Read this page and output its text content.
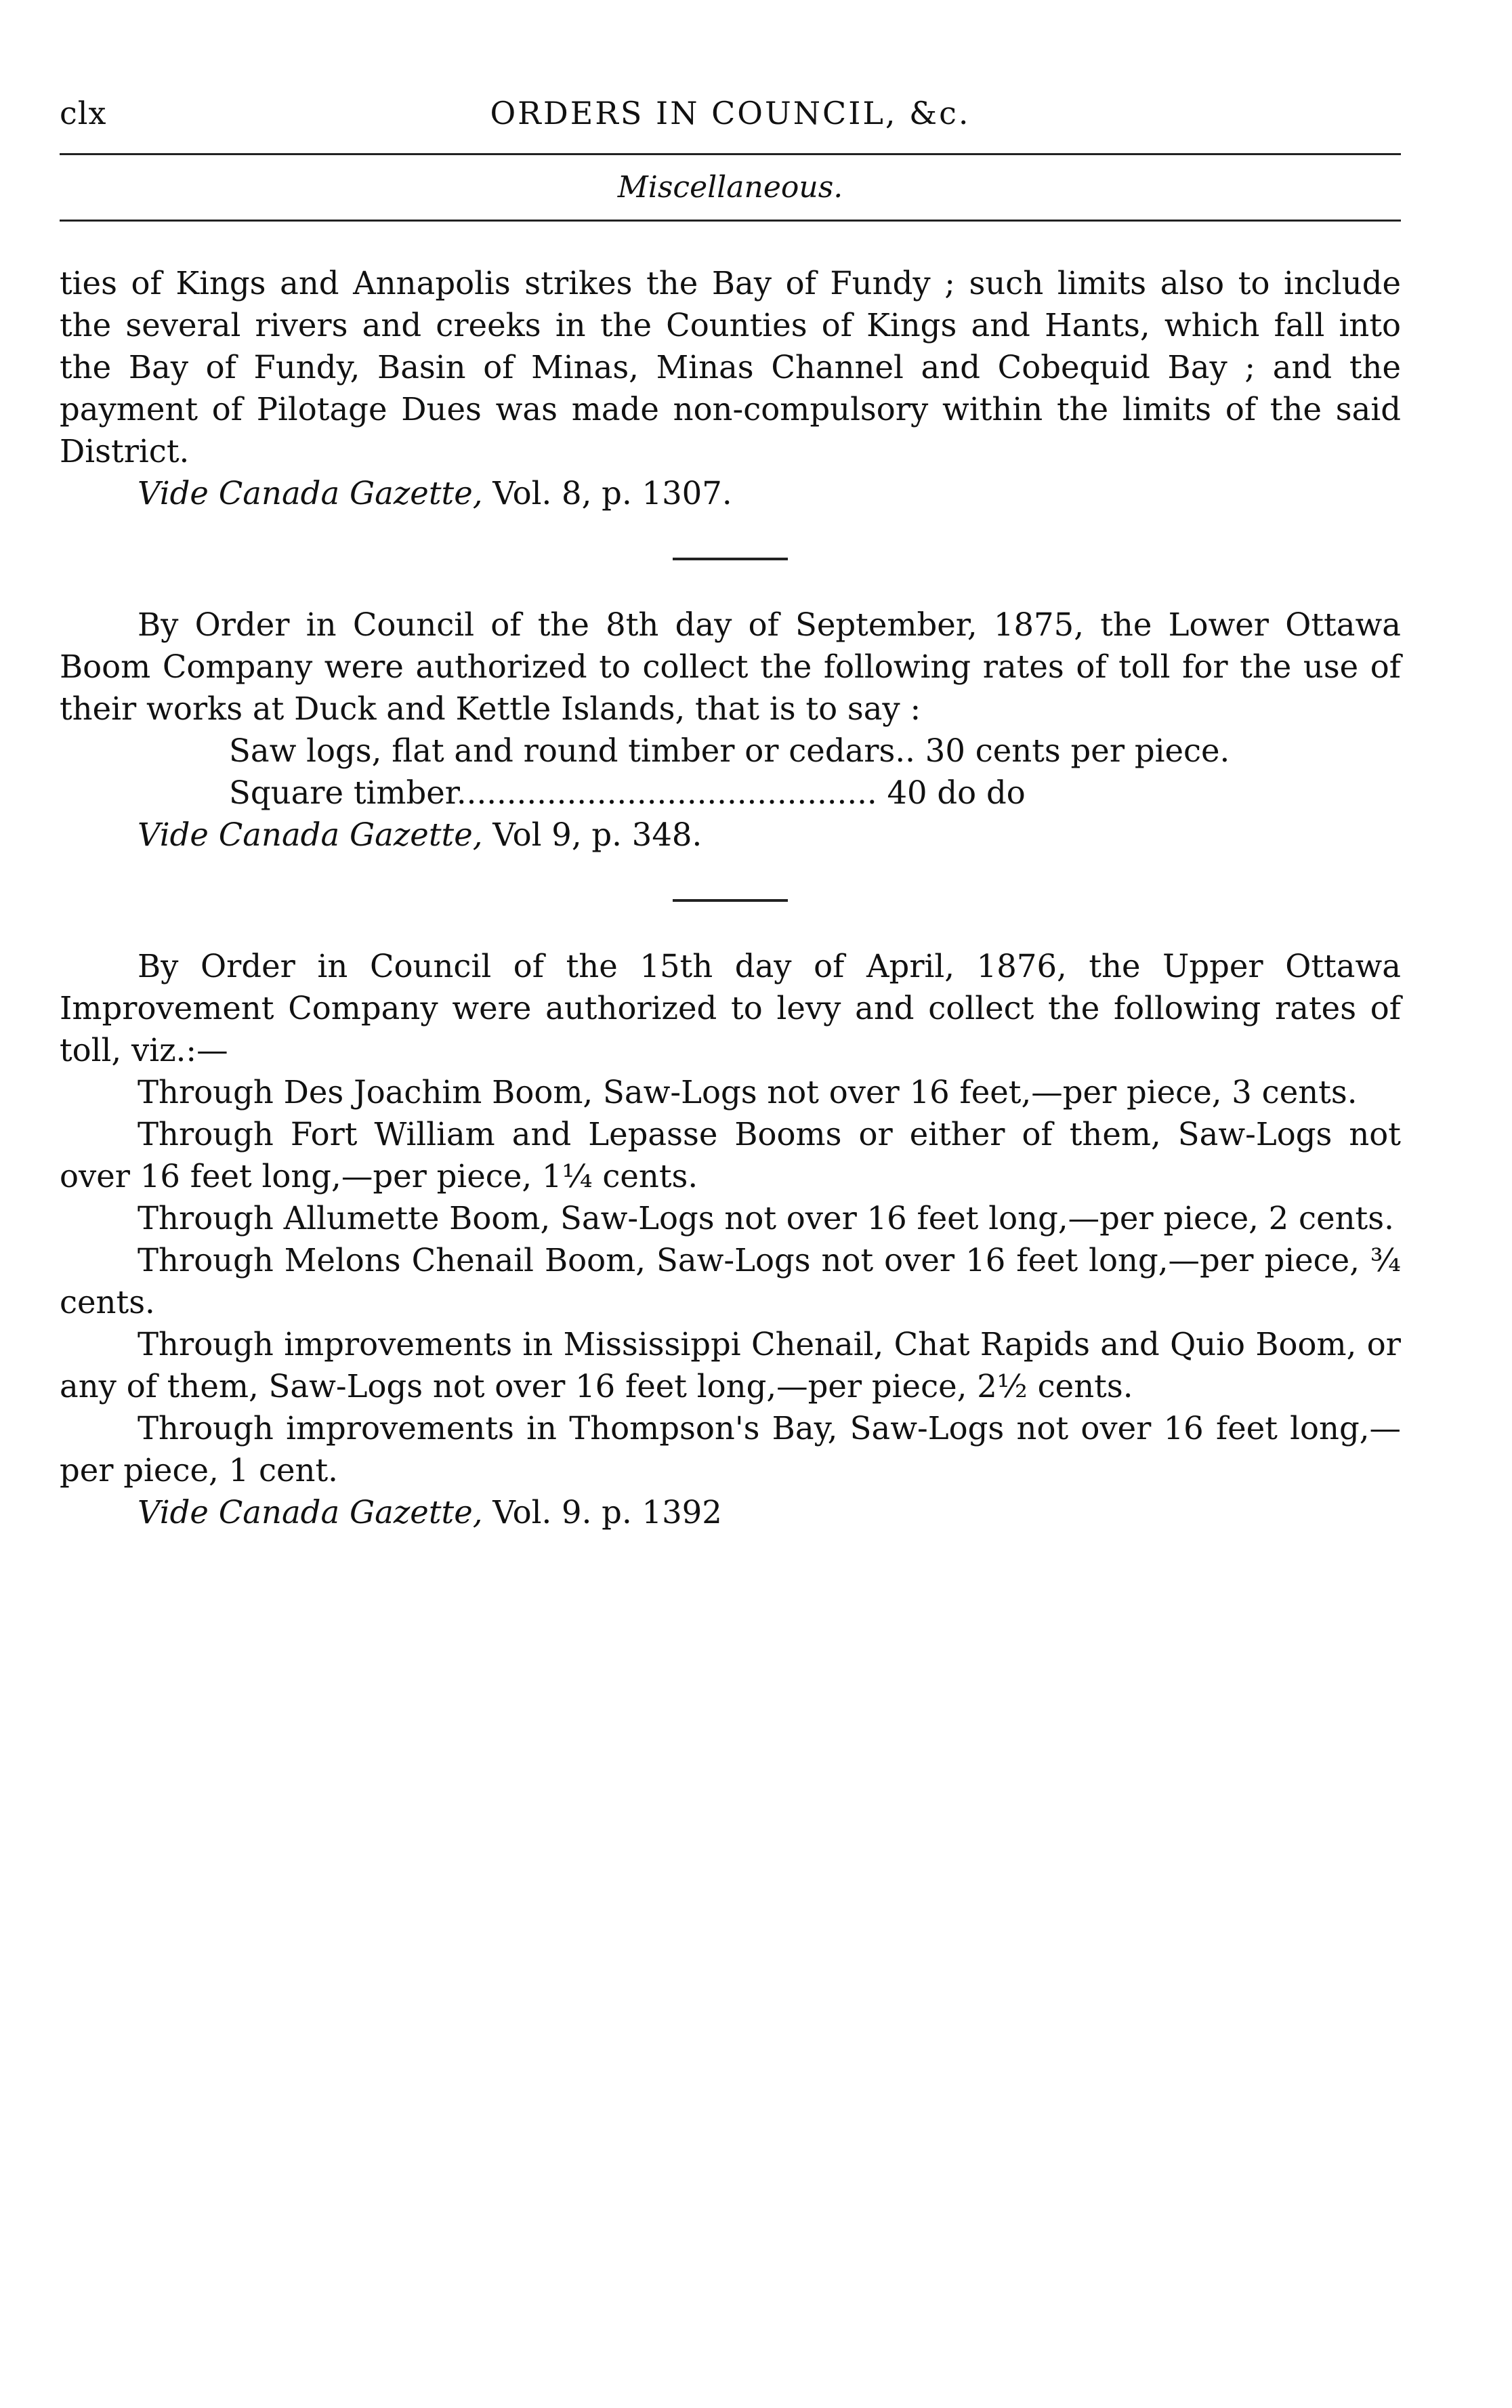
clx	ORDERS IN COUNCIL, &c.
Miscellaneous.

ties of Kings and Annapolis strikes the Bay of Fundy ; such limits also to include the several rivers and creeks in the Counties of Kings and Hants, which fall into the Bay of Fundy, Basin of Minas, Minas Channel and Cobequid Bay ; and the payment of Pilotage Dues was made non-compulsory within the limits of the said District.

Vide Canada Gazette, Vol. 8, p. 1307.

By Order in Council of the 8th day of September, 1875, the Lower Ottawa Boom Company were authorized to collect the following rates of toll for the use of their works at Duck and Kettle Islands, that is to say :

Saw logs, flat and round timber or cedars.. 30 cents per piece.
Square timber.......................................... 40 do do
Vide Canada Gazette, Vol 9, p. 348.

By Order in Council of the 15th day of April, 1876, the Upper Ottawa Improvement Company were authorized to levy and collect the following rates of toll, viz.:—

Through Des Joachim Boom, Saw-Logs not over 16 feet,—per piece, 3 cents.

Through Fort William and Lepasse Booms or either of them, Saw-Logs not over 16 feet long,—per piece, 1¼ cents.

Through Allumette Boom, Saw-Logs not over 16 feet long,—per piece, 2 cents.

Through Melons Chenail Boom, Saw-Logs not over 16 feet long,—per piece, ¾ cents.

Through improvements in Mississippi Chenail, Chat Rapids and Quio Boom, or any of them, Saw-Logs not over 16 feet long,—per piece, 2½ cents.

Through improvements in Thompson's Bay, Saw-Logs not over 16 feet long,—per piece, 1 cent.

Vide Canada Gazette, Vol. 9. p. 1392
